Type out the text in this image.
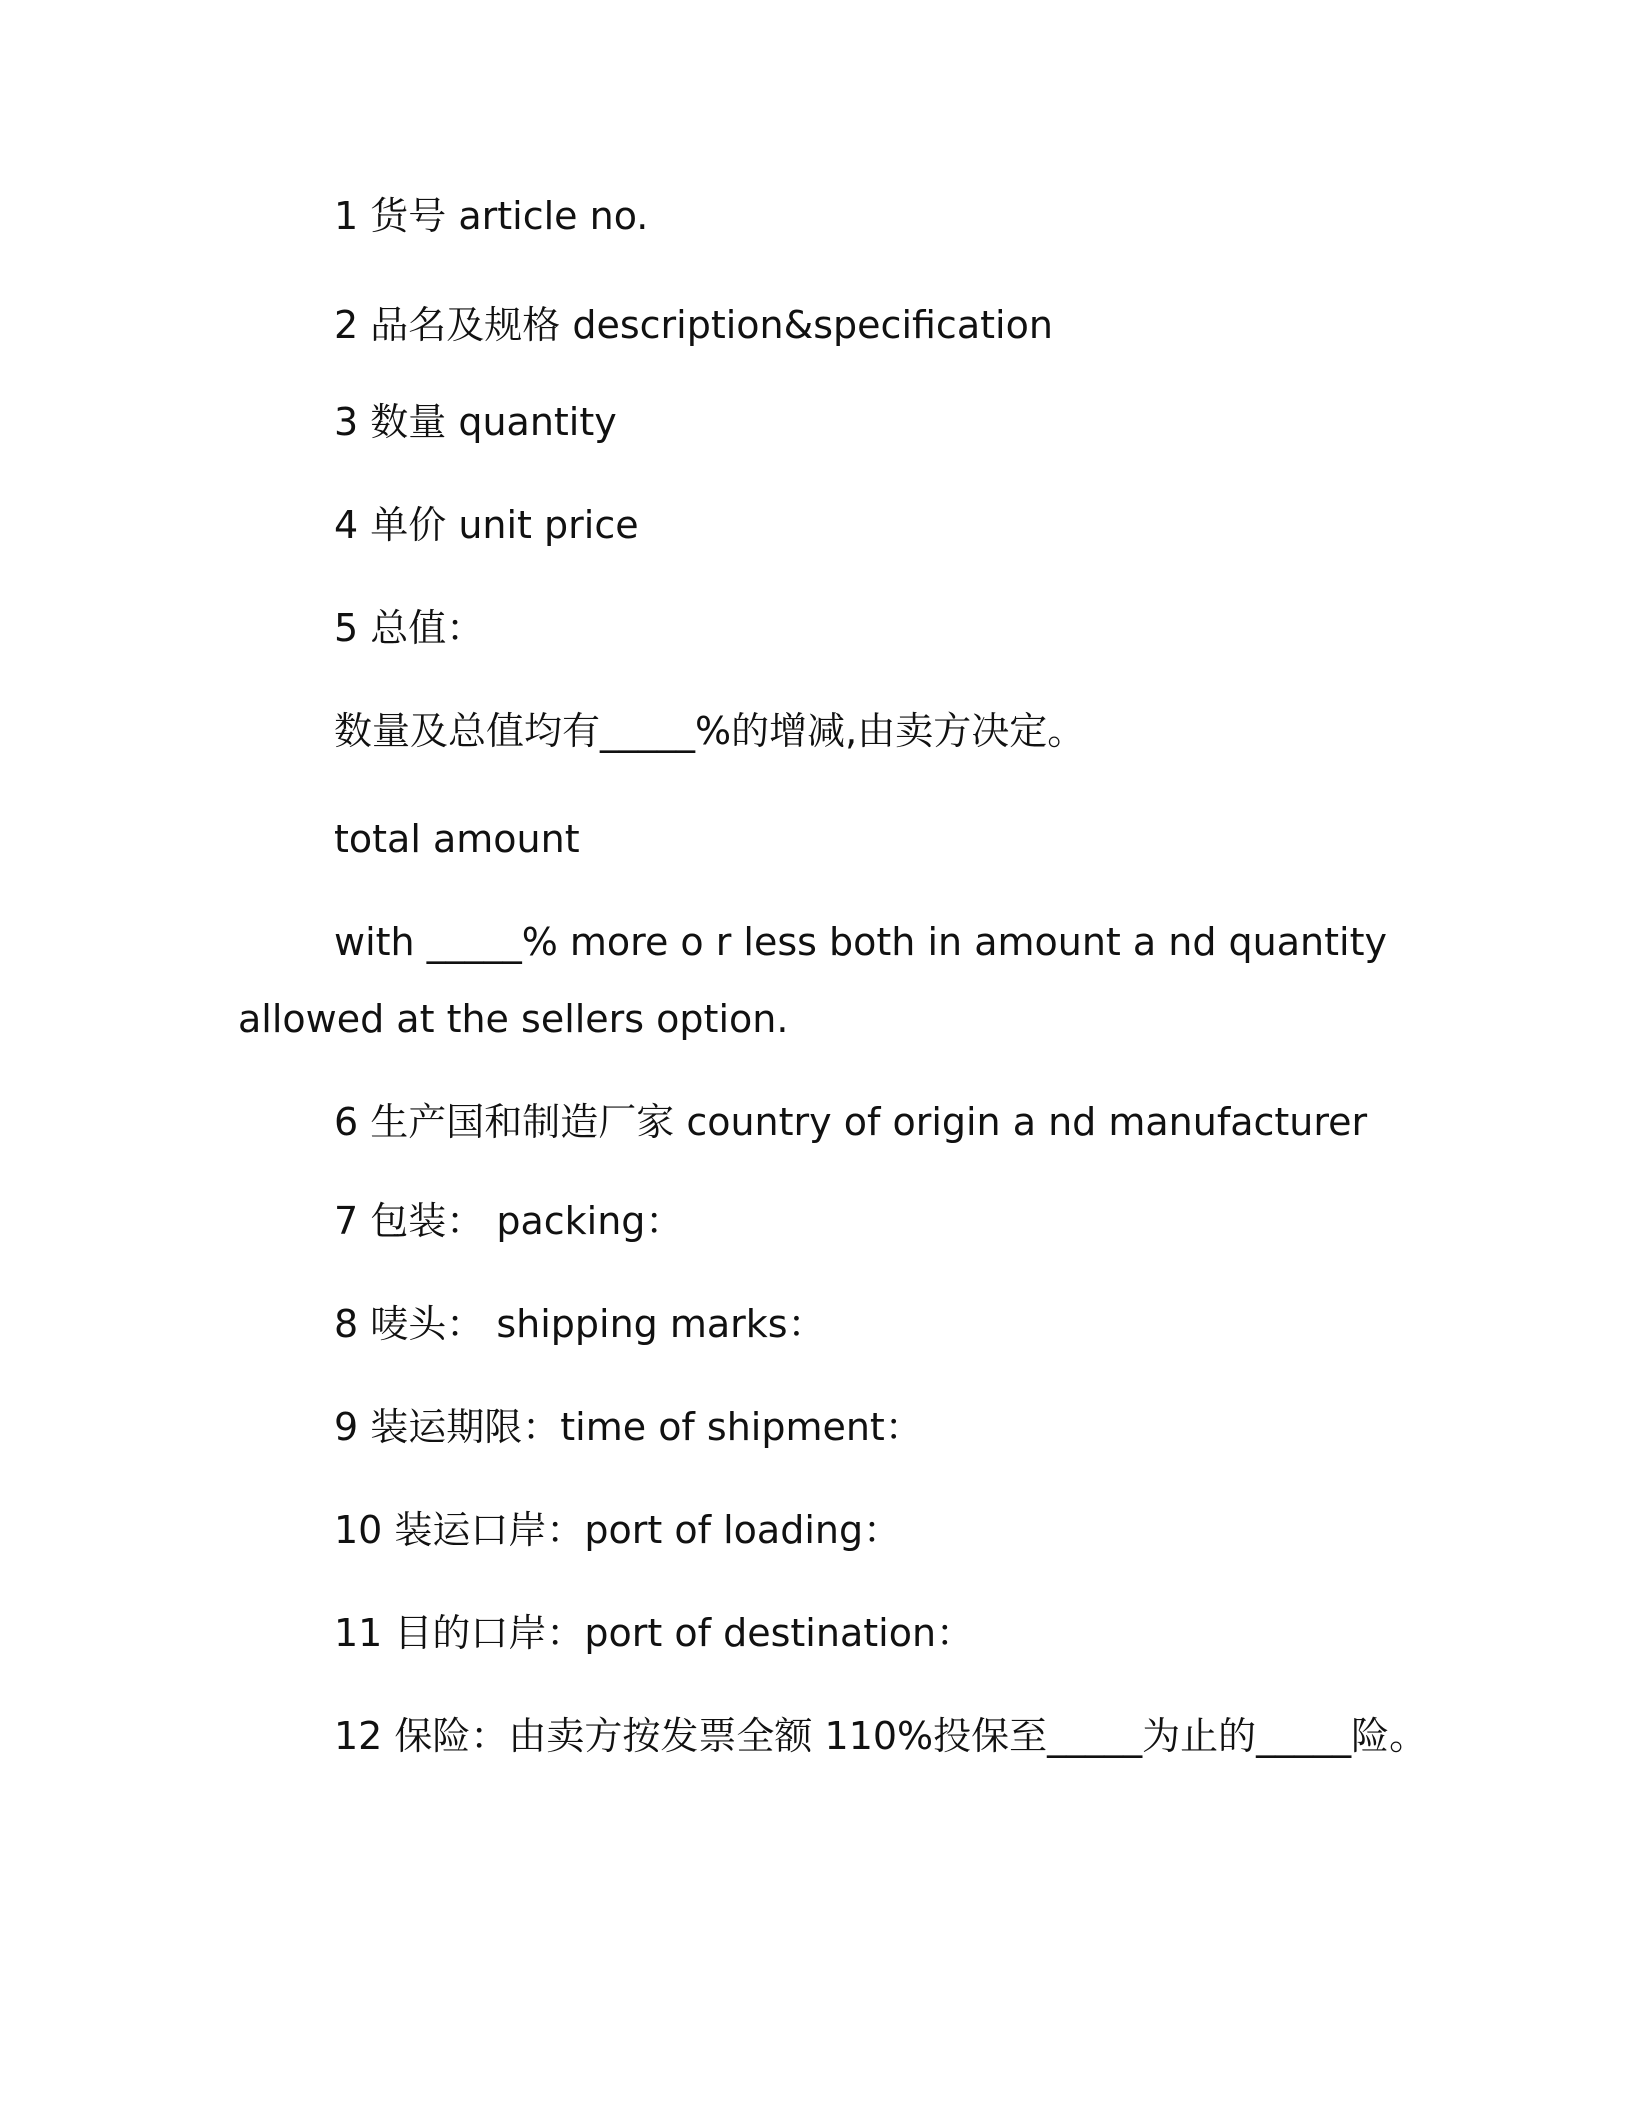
1 货号 article no.
2 品名及规格 description&specification
3 数量 quantity
4 单价 unit price
5 总值：
数量及总值均有_____%的增减,由卖方决定。
total amount
with _____% more o r less both in amount a nd quantity
allowed at the sellers option.
6 生产国和制造厂家 country of origin a nd manufacturer
7 包装： packing：
8 唛头： shipping marks：
9 装运期限：time of shipment：
10 装运口岸：port of loading：
11 目的口岸：port of destination：
12 保险：由卖方按发票全额 110%投保至_____为止的_____险。
